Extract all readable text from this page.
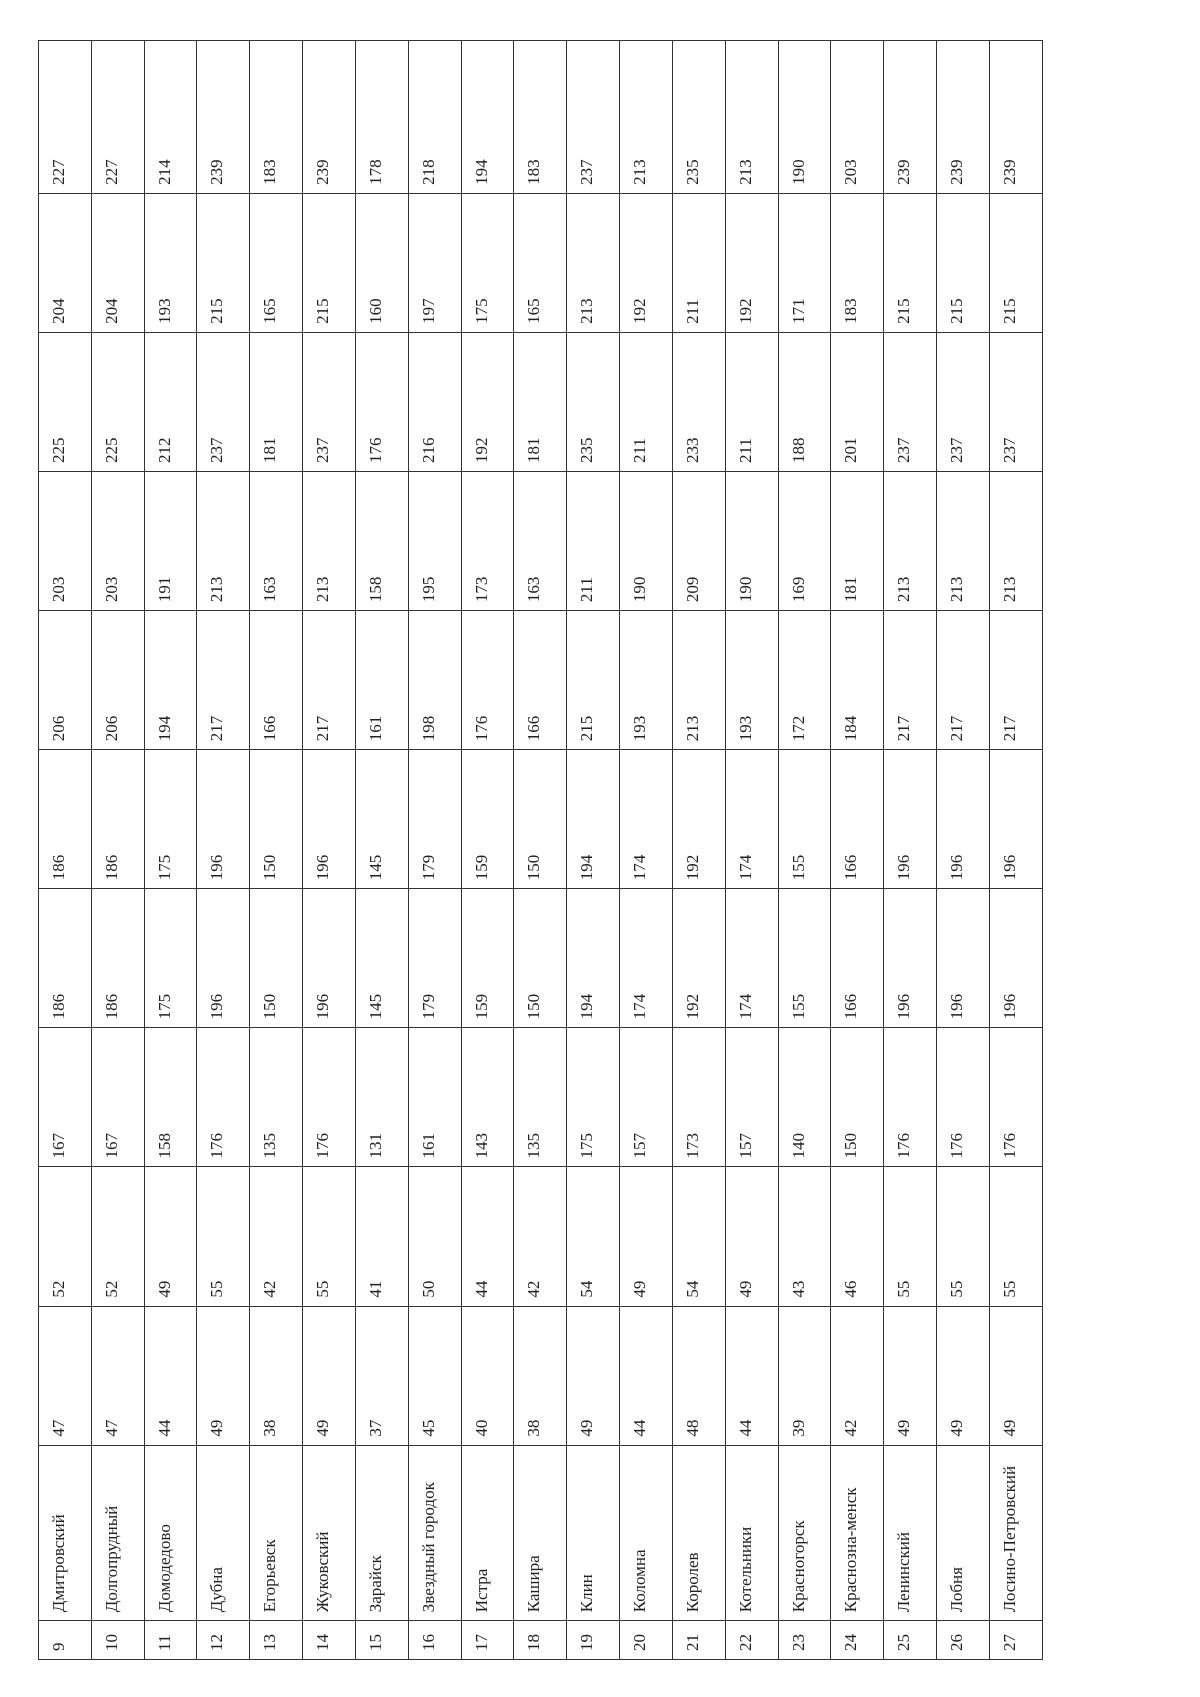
9	Дмитровский	47	52	167	186	186	206	203	225	204	227
10	Долгопрудный	47	52	167	186	186	206	203	225	204	227
11	Домодедово	44	49	158	175	175	194	191	212	193	214
12	Дубна	49	55	176	196	196	217	213	237	215	239
13	Егорьевск	38	42	135	150	150	166	163	181	165	183
14	Жуковский	49	55	176	196	196	217	213	237	215	239
15	Зарайск	37	41	131	145	145	161	158	176	160	178
16	Звездный городок	45	50	161	179	179	198	195	216	197	218
17	Истра	40	44	143	159	159	176	173	192	175	194
18	Кашира	38	42	135	150	150	166	163	181	165	183
19	Клин	49	54	175	194	194	215	211	235	213	237
20	Коломна	44	49	157	174	174	193	190	211	192	213
21	Королев	48	54	173	192	192	213	209	233	211	235
22	Котельники	44	49	157	174	174	193	190	211	192	213
23	Красногорск	39	43	140	155	155	172	169	188	171	190
24	Краснозна-менск	42	46	150	166	166	184	181	201	183	203
25	Ленинский	49	55	176	196	196	217	213	237	215	239
26	Лобня	49	55	176	196	196	217	213	237	215	239
27	Лосино-Петровский	49	55	176	196	196	217	213	237	215	239
